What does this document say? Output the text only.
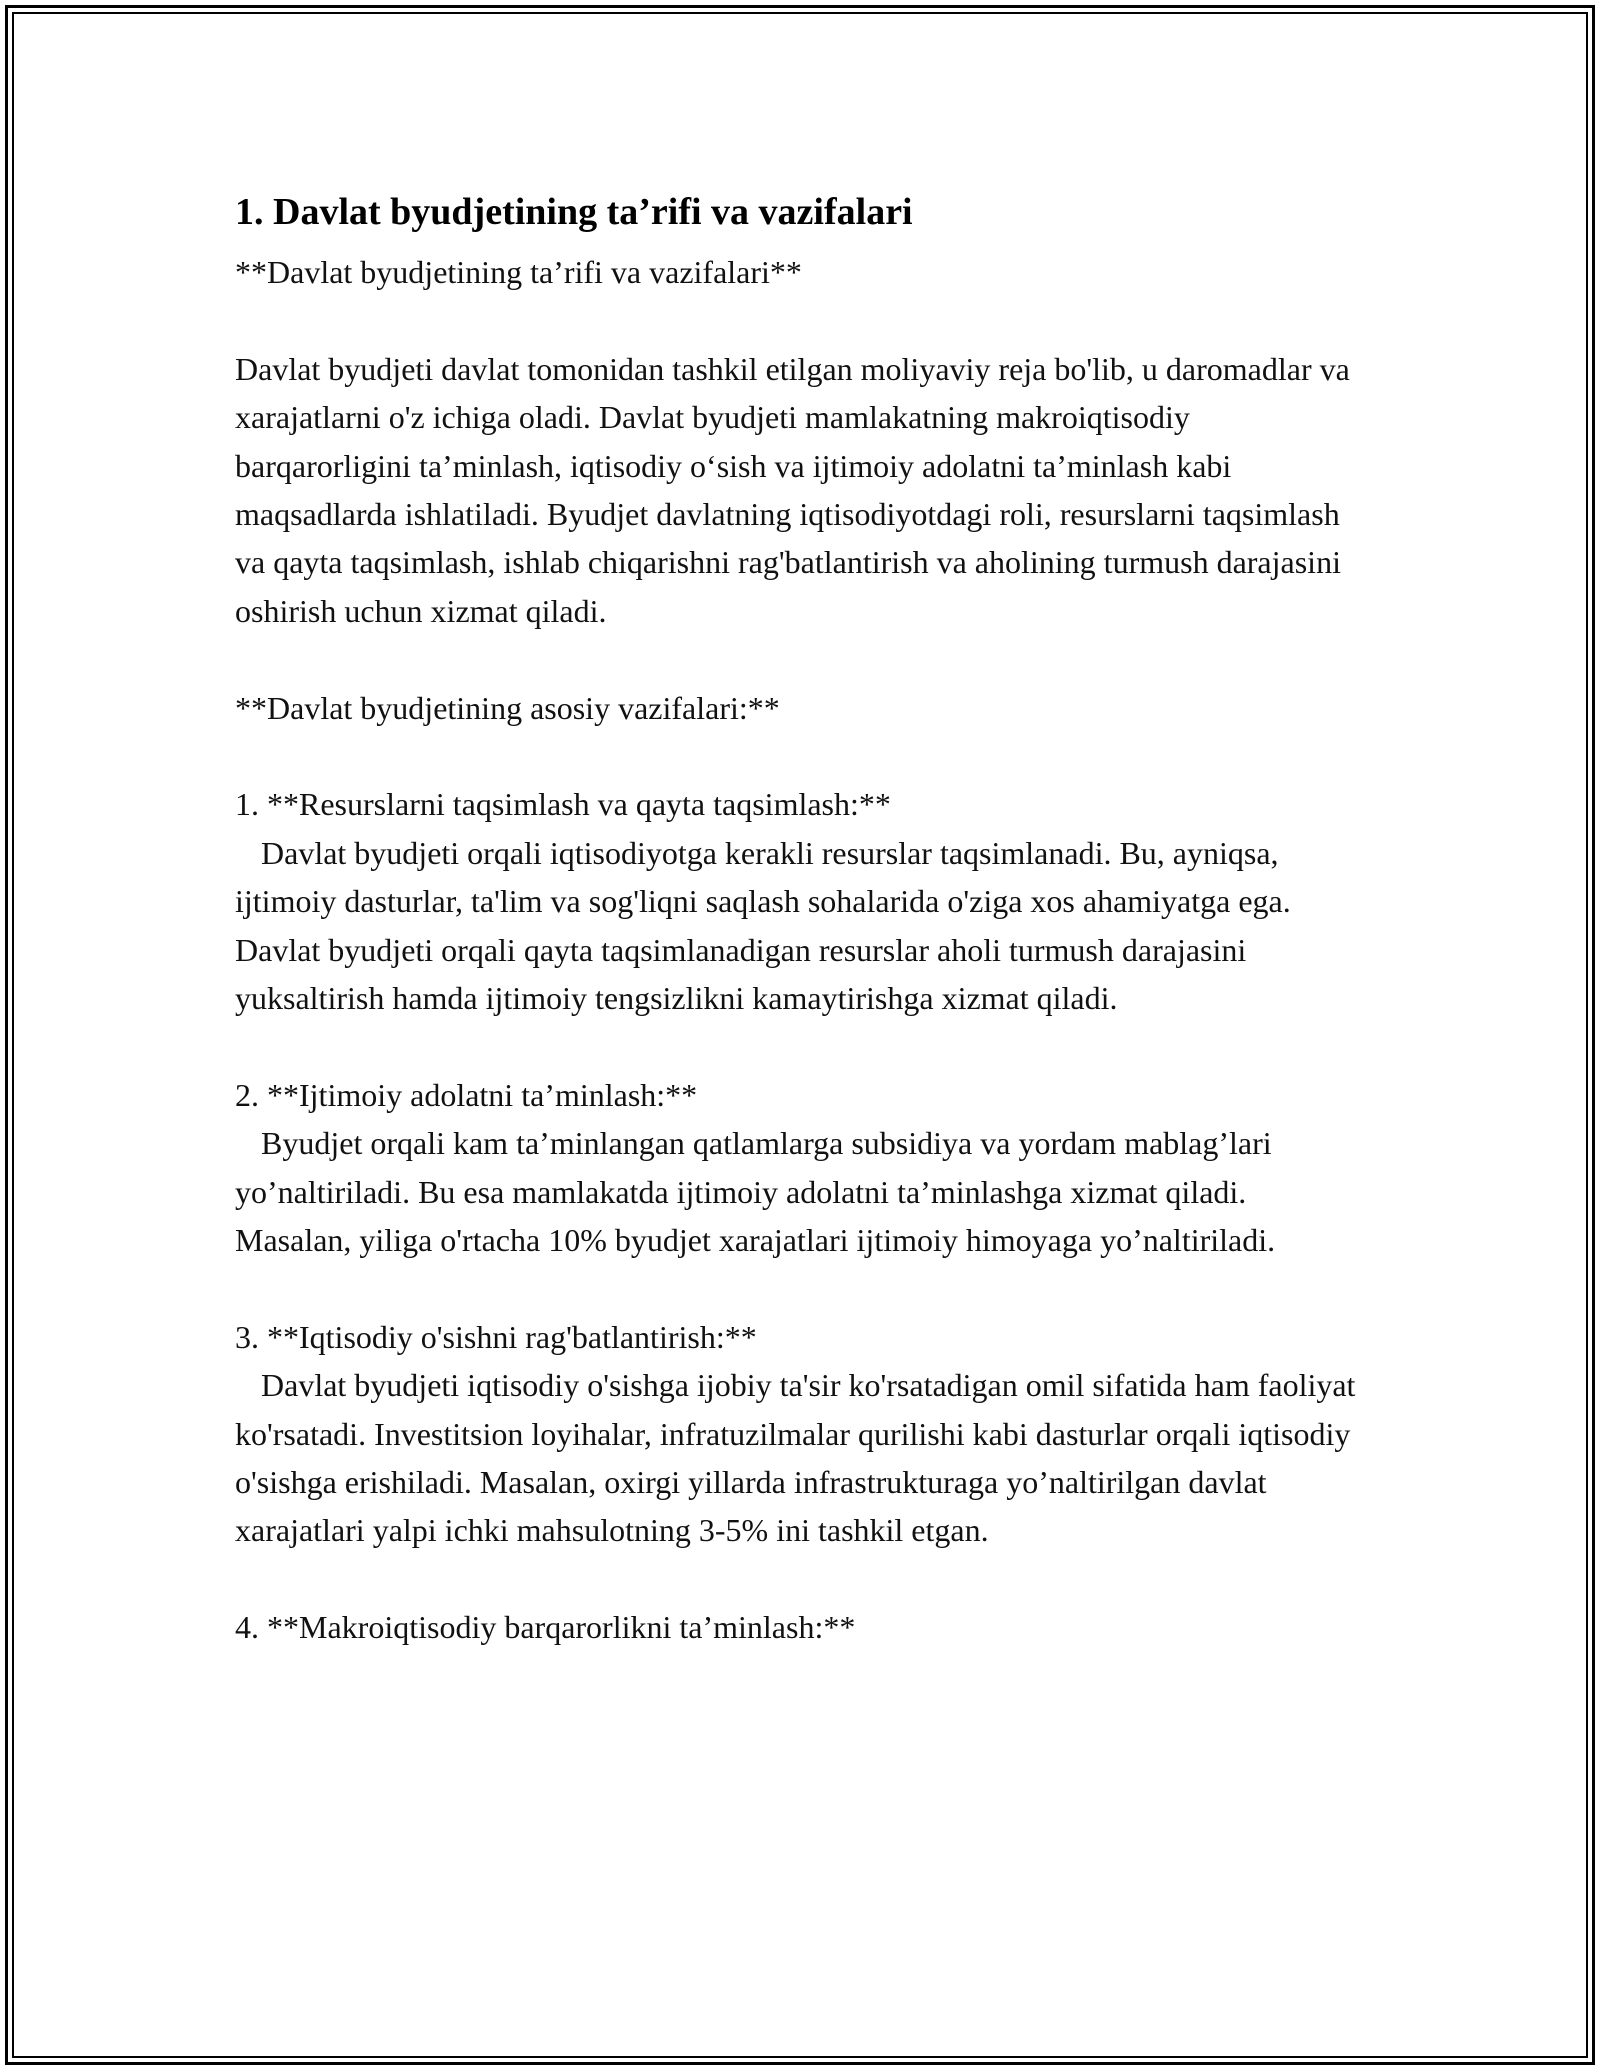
1. Davlat byudjetining ta’rifi va vazifalari

**Davlat byudjetining ta’rifi va vazifalari**

Davlat byudjeti davlat tomonidan tashkil etilgan moliyaviy reja bo'lib, u daromadlar va xarajatlarni o'z ichiga oladi. Davlat byudjeti mamlakatning makroiqtisodiy barqarorligini ta’minlash, iqtisodiy o‘sish va ijtimoiy adolatni ta’minlash kabi maqsadlarda ishlatiladi. Byudjet davlatning iqtisodiyotdagi roli, resurslarni taqsimlash va qayta taqsimlash, ishlab chiqarishni rag'batlantirish va aholining turmush darajasini oshirish uchun xizmat qiladi.

**Davlat byudjetining asosiy vazifalari:**

1. **Resurslarni taqsimlash va qayta taqsimlash:**

Davlat byudjeti orqali iqtisodiyotga kerakli resurslar taqsimlanadi. Bu, ayniqsa, ijtimoiy dasturlar, ta'lim va sog'liqni saqlash sohalarida o'ziga xos ahamiyatga ega. Davlat byudjeti orqali qayta taqsimlanadigan resurslar aholi turmush darajasini yuksaltirish hamda ijtimoiy tengsizlikni kamaytirishga xizmat qiladi.

2. **Ijtimoiy adolatni ta’minlash:**

Byudjet orqali kam ta’minlangan qatlamlarga subsidiya va yordam mablag’lari yo’naltiriladi. Bu esa mamlakatda ijtimoiy adolatni ta’minlashga xizmat qiladi. Masalan, yiliga o'rtacha 10% byudjet xarajatlari ijtimoiy himoyaga yo’naltiriladi.

3. **Iqtisodiy o'sishni rag'batlantirish:**

Davlat byudjeti iqtisodiy o'sishga ijobiy ta'sir ko'rsatadigan omil sifatida ham faoliyat ko'rsatadi. Investitsion loyihalar, infratuzilmalar qurilishi kabi dasturlar orqali iqtisodiy o'sishga erishiladi. Masalan, oxirgi yillarda infrastrukturaga yo’naltirilgan davlat xarajatlari yalpi ichki mahsulotning 3-5% ini tashkil etgan.

4. **Makroiqtisodiy barqarorlikni ta’minlash:**
